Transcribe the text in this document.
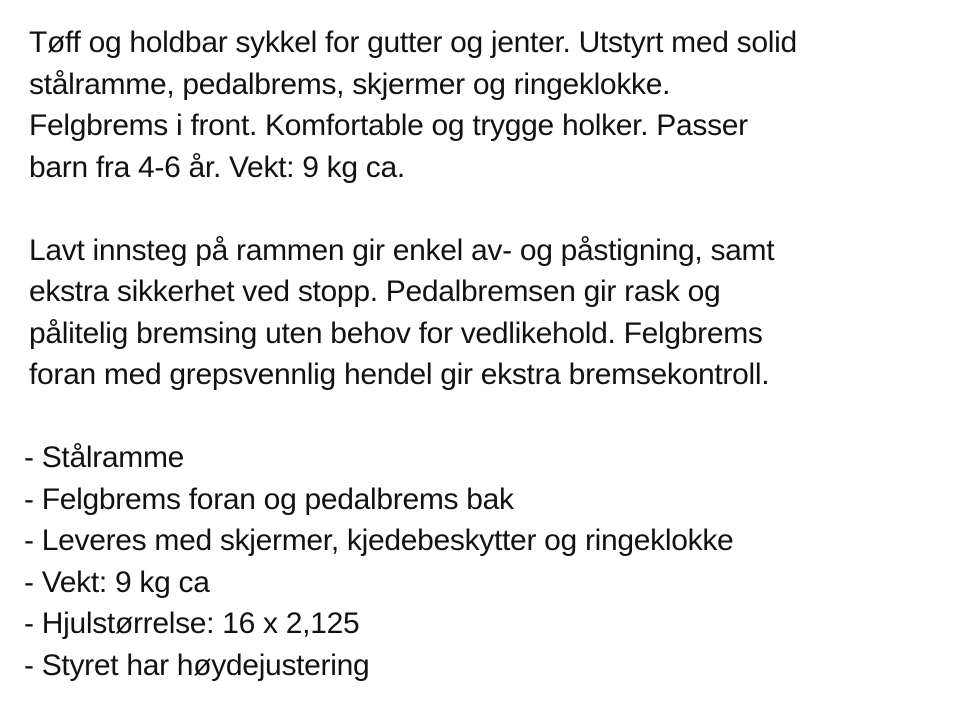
Tøff og holdbar sykkel for gutter og jenter. Utstyrt med solid
stålramme, pedalbrems, skjermer og ringeklokke.
Felgbrems i front. Komfortable og trygge holker. Passer
barn fra 4-6 år. Vekt: 9 kg ca.

Lavt innsteg på rammen gir enkel av- og påstigning, samt
ekstra sikkerhet ved stopp. Pedalbremsen gir rask og
pålitelig bremsing uten behov for vedlikehold. Felgbrems
foran med grepsvennlig hendel gir ekstra bremsekontroll.

- Stålramme
- Felgbrems foran og pedalbrems bak
- Leveres med skjermer, kjedebeskytter og ringeklokke
- Vekt: 9 kg ca
- Hjulstørrelse: 16 x 2,125
- Styret har høydejustering
